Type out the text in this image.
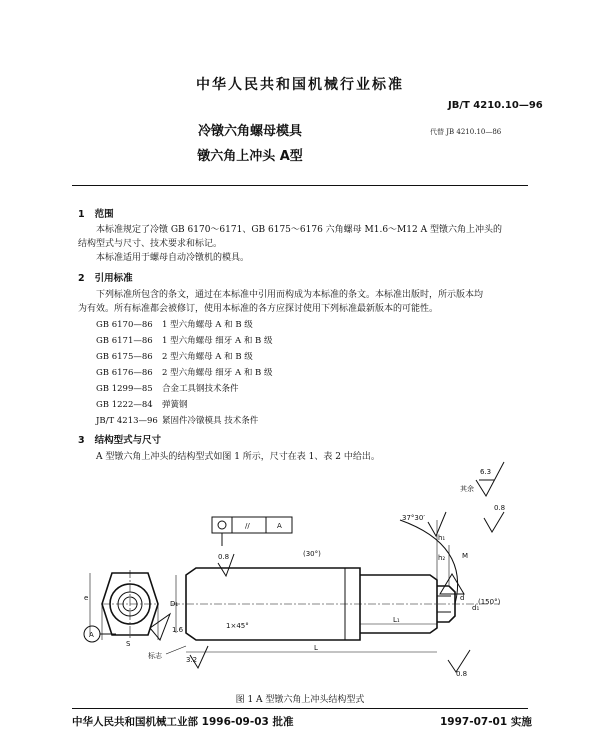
中华人民共和国机械行业标准
JB/T 4210.10—96
冷镦六角螺母模具
镦六角上冲头 A型
代替 JB 4210.10—86
1 范围
本标准规定了冷镦 GB 6170～6171、GB 6175～6176 六角螺母 M1.6～M12 A 型镦六角上冲头的
结构型式与尺寸、技术要求和标记。
本标准适用于螺母自动冷镦机的模具。
2 引用标准
下列标准所包含的条文，通过在本标准中引用而构成为本标准的条文。本标准出版时，所示版本均
为有效。所有标准都会被修订，使用本标准的各方应探讨使用下列标准最新版本的可能性。
GB 6170—86 1 型六角螺母 A 和 B 级
GB 6171—86 1 型六角螺母 细牙 A 和 B 级
GB 6175—86 2 型六角螺母 A 和 B 级
GB 6176—86 2 型六角螺母 细牙 A 和 B 级
GB 1299—85 合金工具钢技术条件
GB 1222—84 弹簧钢
JB/T 4213—96 紧固件冷镦模具 技术条件
3 结构型式与尺寸
A 型镦六角上冲头的结构型式如图 1 所示，尺寸在表 1、表 2 中给出。
其余
6.3
//	A
S
e
A
1.6
D₁
L
L₁
1×45°
(30°)
0.8
3.2
标志
h₁
h₂ M
37°30′
(150°)
d
d₁
0.8
0.8
图 1 A 型镦六角上冲头结构型式
中华人民共和国机械工业部 1996-09-03 批准	1997-07-01 实施
